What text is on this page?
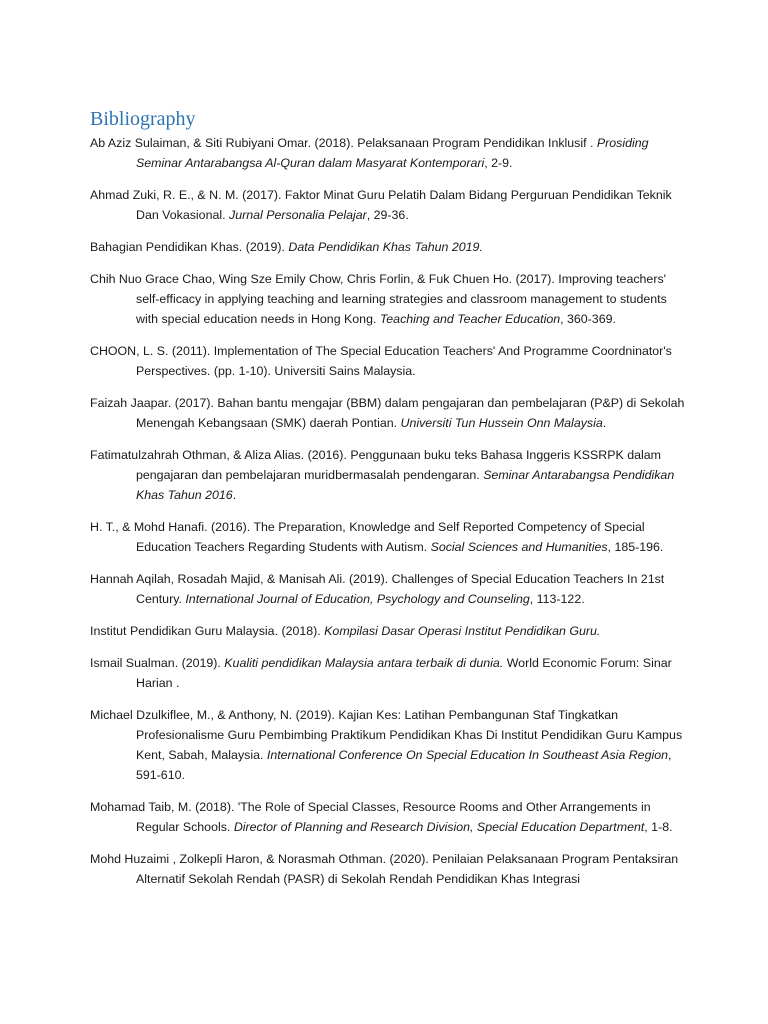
Bibliography

Ab Aziz Sulaiman, & Siti Rubiyani Omar. (2018). Pelaksanaan Program Pendidikan Inklusif . Prosiding Seminar Antarabangsa Al-Quran dalam Masyarat Kontemporari, 2-9.

Ahmad Zuki, R. E., & N. M. (2017). Faktor Minat Guru Pelatih Dalam Bidang Perguruan Pendidikan Teknik Dan Vokasional. Jurnal Personalia Pelajar, 29-36.

Bahagian Pendidikan Khas. (2019). Data Pendidikan Khas Tahun 2019.

Chih Nuo Grace Chao, Wing Sze Emily Chow, Chris Forlin, & Fuk Chuen Ho. (2017). Improving teachers' self-efficacy in applying teaching and learning strategies and classroom management to students with special education needs in Hong Kong. Teaching and Teacher Education, 360-369.

CHOON, L. S. (2011). Implementation of The Special Education Teachers' And Programme Coordninator's Perspectives. (pp. 1-10). Universiti Sains Malaysia.

Faizah Jaapar. (2017). Bahan bantu mengajar (BBM) dalam pengajaran dan pembelajaran (P&P) di Sekolah Menengah Kebangsaan (SMK) daerah Pontian. Universiti Tun Hussein Onn Malaysia.

Fatimatulzahrah Othman, & Aliza Alias. (2016). Penggunaan buku teks Bahasa Inggeris KSSRPK dalam pengajaran dan pembelajaran muridbermasalah pendengaran. Seminar Antarabangsa Pendidikan Khas Tahun 2016.

H. T., & Mohd Hanafi. (2016). The Preparation, Knowledge and Self Reported Competency of Special Education Teachers Regarding Students with Autism. Social Sciences and Humanities, 185-196.

Hannah Aqilah, Rosadah Majid, & Manisah Ali. (2019). Challenges of Special Education Teachers In 21st Century. International Journal of Education, Psychology and Counseling, 113-122.

Institut Pendidikan Guru Malaysia. (2018). Kompilasi Dasar Operasi Institut Pendidikan Guru.

Ismail Sualman. (2019). Kualiti pendidikan Malaysia antara terbaik di dunia. World Economic Forum: Sinar Harian .

Michael Dzulkiflee, M., & Anthony, N. (2019). Kajian Kes: Latihan Pembangunan Staf Tingkatkan Profesionalisme Guru Pembimbing Praktikum Pendidikan Khas Di Institut Pendidikan Guru Kampus Kent, Sabah, Malaysia. International Conference On Special Education In Southeast Asia Region, 591-610.

Mohamad Taib, M. (2018). 'The Role of Special Classes, Resource Rooms and Other Arrangements in Regular Schools. Director of Planning and Research Division, Special Education Department, 1-8.

Mohd Huzaimi , Zolkepli Haron, & Norasmah Othman. (2020). Penilaian Pelaksanaan Program Pentaksiran Alternatif Sekolah Rendah (PASR) di Sekolah Rendah Pendidikan Khas Integrasi
